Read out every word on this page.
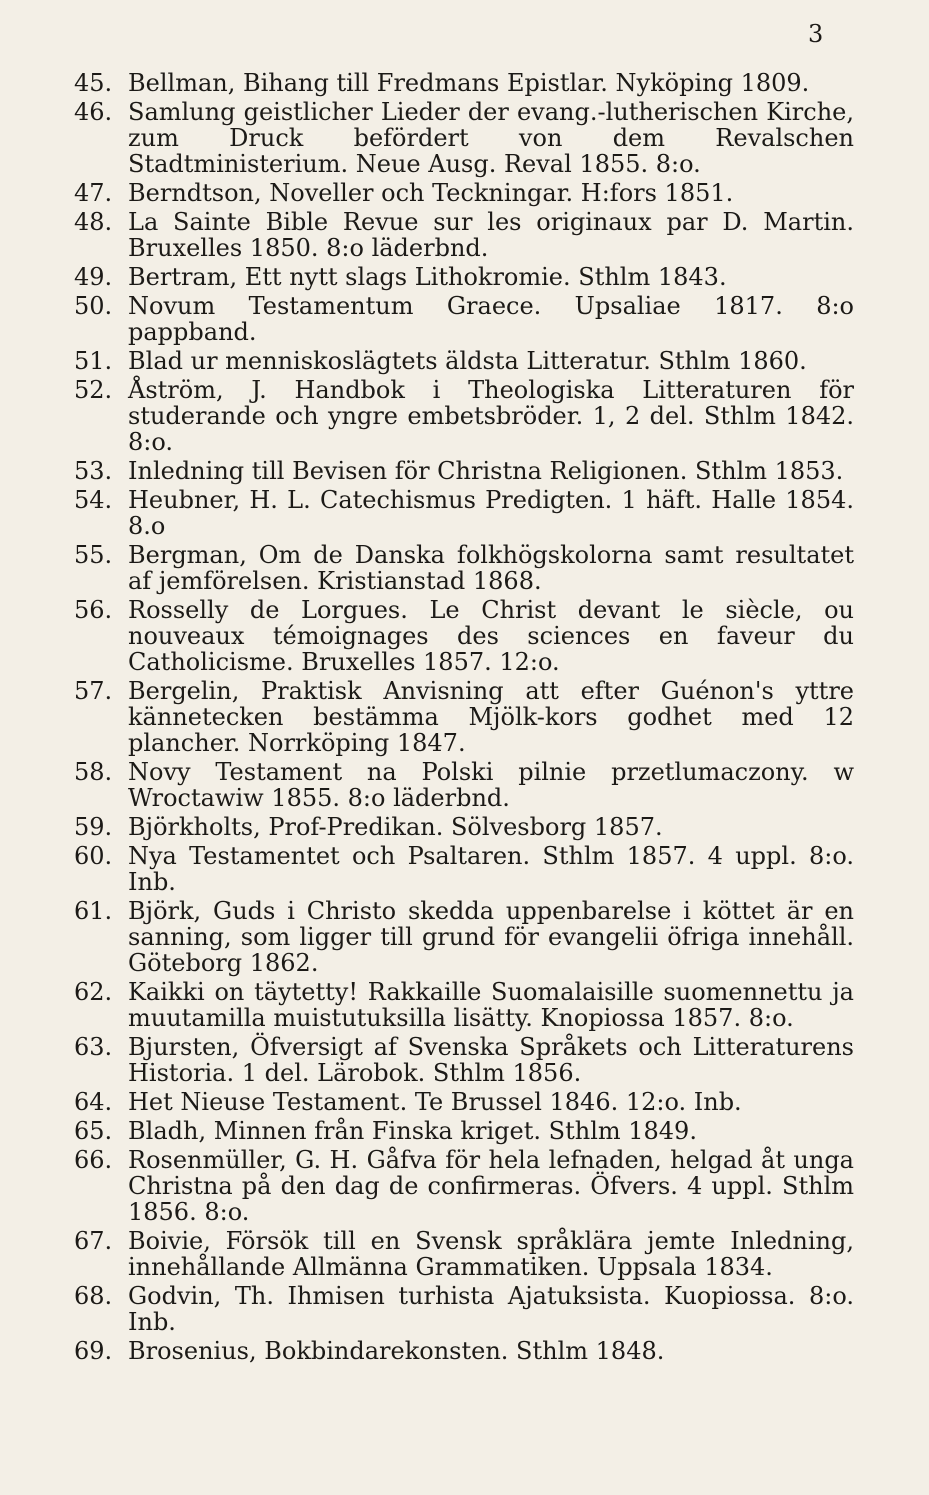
3
45. Bellman, Bihang till Fredmans Epistlar. Nyköping 1809.
46. Samlung geistlicher Lieder der evang.-lutherischen Kirche, zum Druck befördert von dem Revalschen Stadtministerium. Neue Ausg. Reval 1855. 8:o.
47. Berndtson, Noveller och Teckningar. H:fors 1851.
48. La Sainte Bible Revue sur les originaux par D. Martin. Bruxelles 1850. 8:o läderbnd.
49. Bertram, Ett nytt slags Lithokromie. Sthlm 1843.
50. Novum Testamentum Graece. Upsaliae 1817. 8:o pappband.
51. Blad ur menniskoslägtets äldsta Litteratur. Sthlm 1860.
52. Åström, J. Handbok i Theologiska Litteraturen för studerande och yngre embetsbröder. 1, 2 del. Sthlm 1842. 8:o.
53. Inledning till Bevisen för Christna Religionen. Sthlm 1853.
54. Heubner, H. L. Catechismus Predigten. 1 häft. Halle 1854. 8.o
55. Bergman, Om de Danska folkhögskolorna samt resultatet af jemförelsen. Kristianstad 1868.
56. Rosselly de Lorgues. Le Christ devant le siècle, ou nouveaux témoignages des sciences en faveur du Catholicisme. Bruxelles 1857. 12:o.
57. Bergelin, Praktisk Anvisning att efter Guénon's yttre kännetecken bestämma Mjölk-kors godhet med 12 plancher. Norrköping 1847.
58. Novy Testament na Polski pilnie przetlumaczony. w Wroctawiw 1855. 8:o läderbnd.
59. Björkholts, Prof-Predikan. Sölvesborg 1857.
60. Nya Testamentet och Psaltaren. Sthlm 1857. 4 uppl. 8:o. Inb.
61. Björk, Guds i Christo skedda uppenbarelse i köttet är en sanning, som ligger till grund för evangelii öfriga innehåll. Göteborg 1862.
62. Kaikki on täytetty! Rakkaille Suomalaisille suomennettu ja muutamilla muistutuksilla lisätty. Knopiossa 1857. 8:o.
63. Bjursten, Öfversigt af Svenska Språkets och Litteraturens Historia. 1 del. Lärobok. Sthlm 1856.
64. Het Nieuse Testament. Te Brussel 1846. 12:o. Inb.
65. Bladh, Minnen från Finska kriget. Sthlm 1849.
66. Rosenmüller, G. H. Gåfva för hela lefnaden, helgad åt unga Christna på den dag de confirmeras. Öfvers. 4 uppl. Sthlm 1856. 8:o.
67. Boivie, Försök till en Svensk språklära jemte Inledning, innehållande Allmänna Grammatiken. Uppsala 1834.
68. Godvin, Th. Ihmisen turhista Ajatuksista. Kuopiossa. 8:o. Inb.
69. Brosenius, Bokbindarekonsten. Sthlm 1848.
